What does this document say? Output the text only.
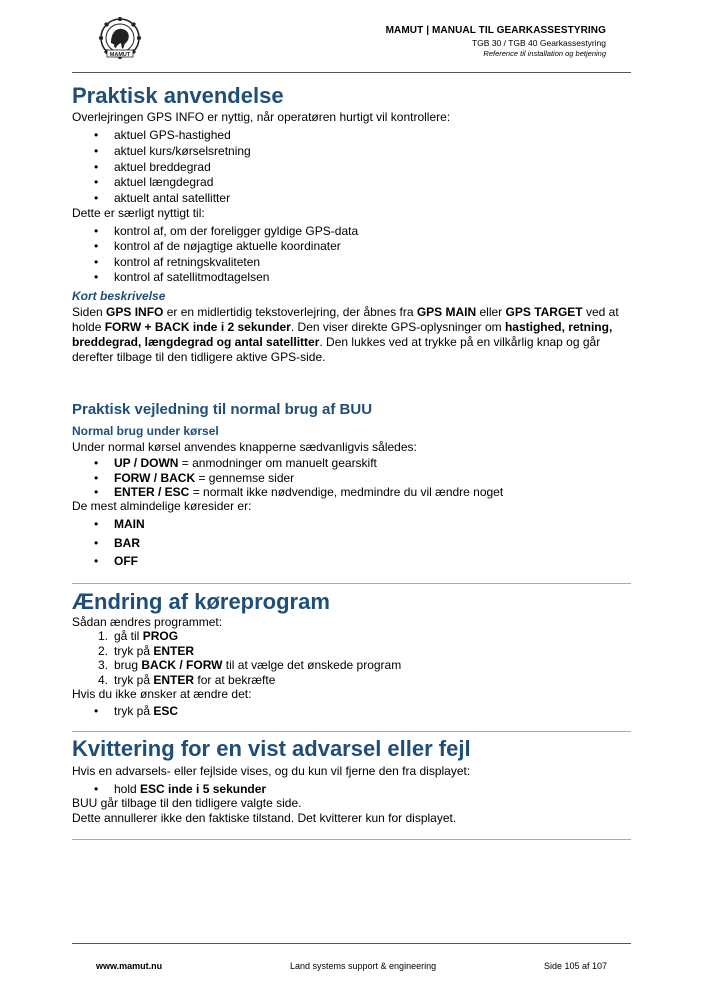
MAMUT
MAMUT | MANUAL TIL GEARKASSESTYRING
TGB 30 / TGB 40 Gearkassestyring
Reference til installation og betjening
Praktisk anvendelse
Overlejringen GPS INFO er nyttig, når operatøren hurtigt vil kontrollere:
• aktuel GPS-hastighed
• aktuel kurs/kørselsretning
• aktuel breddegrad
• aktuel længdegrad
• aktuelt antal satellitter
Dette er særligt nyttigt til:
• kontrol af, om der foreligger gyldige GPS-data
• kontrol af de nøjagtige aktuelle koordinater
• kontrol af retningskvaliteten
• kontrol af satellitmodtagelsen
Kort beskrivelse
Siden GPS INFO er en midlertidig tekstoverlejring, der åbnes fra GPS MAIN eller GPS TARGET ved at holde FORW + BACK inde i 2 sekunder. Den viser direkte GPS-oplysninger om hastighed, retning, breddegrad, længdegrad og antal satellitter. Den lukkes ved at trykke på en vilkårlig knap og går derefter tilbage til den tidligere aktive GPS-side.
Praktisk vejledning til normal brug af BUU
Normal brug under kørsel
Under normal kørsel anvendes knapperne sædvanligvis således:
• UP / DOWN = anmodninger om manuelt gearskift
• FORW / BACK = gennemse sider
• ENTER / ESC = normalt ikke nødvendige, medmindre du vil ændre noget
De mest almindelige køresider er:
• MAIN
• BAR
• OFF
Ændring af køreprogram
Sådan ændres programmet:
1. gå til PROG
2. tryk på ENTER
3. brug BACK / FORW til at vælge det ønskede program
4. tryk på ENTER for at bekræfte
Hvis du ikke ønsker at ændre det:
• tryk på ESC
Kvittering for en vist advarsel eller fejl
Hvis en advarsels- eller fejlside vises, og du kun vil fjerne den fra displayet:
• hold ESC inde i 5 sekunder
BUU går tilbage til den tidligere valgte side.
Dette annullerer ikke den faktiske tilstand. Det kvitterer kun for displayet.
www.mamut.nu	Land systems support & engineering	Side 105 af 107
